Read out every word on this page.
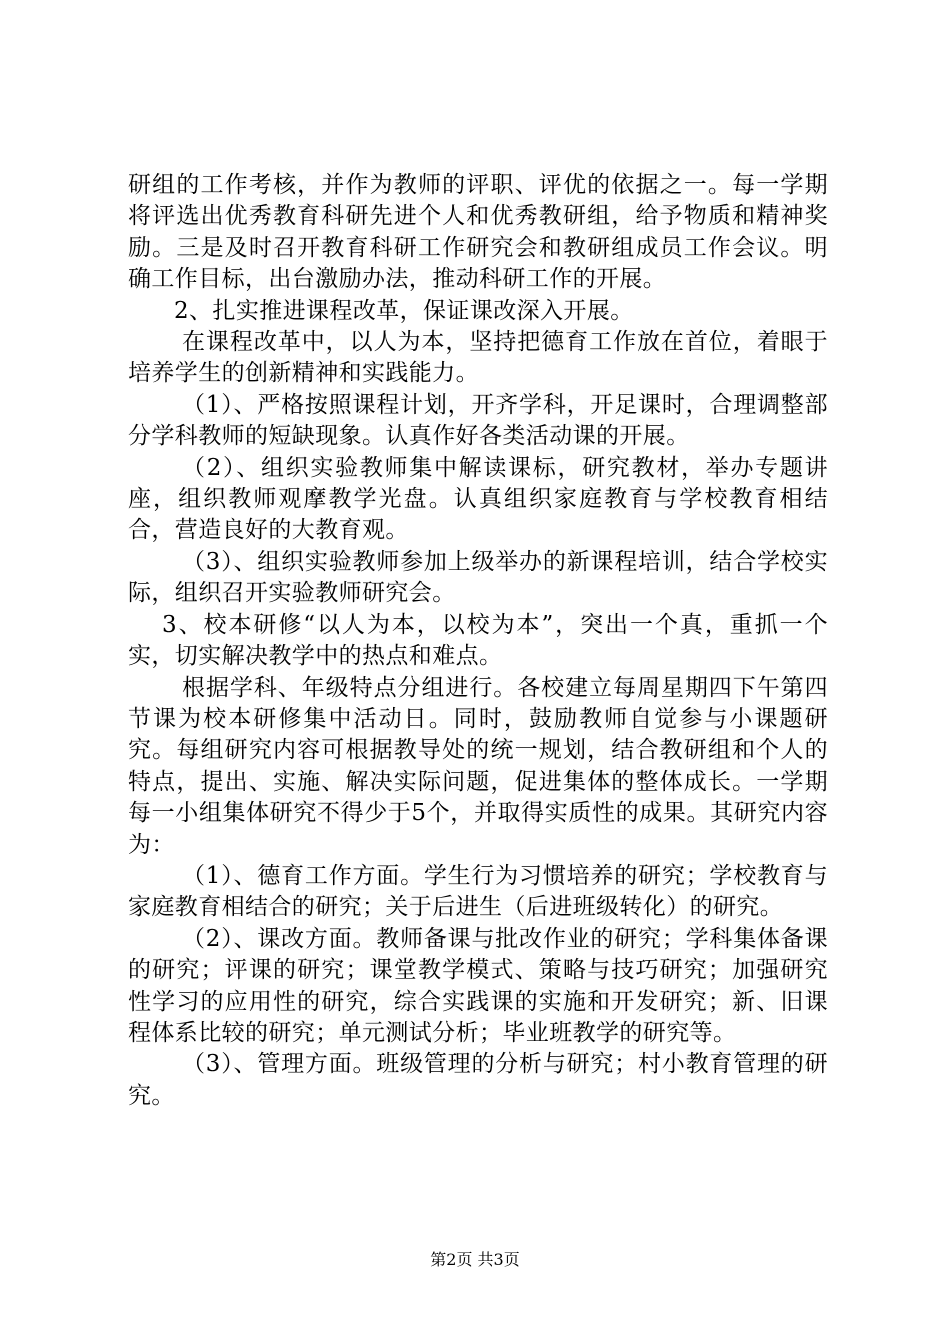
研组的工作考核，并作为教师的评职、评优的依据之一。每一学期将评选出优秀教育科研先进个人和优秀教研组，给予物质和精神奖励。三是及时召开教育科研工作研究会和教研组成员工作会议。明确工作目标，出台激励办法，推动科研工作的开展。

2、扎实推进课程改革，保证课改深入开展。

在课程改革中，以人为本，坚持把德育工作放在首位，着眼于培养学生的创新精神和实践能力。

（1）、严格按照课程计划，开齐学科，开足课时，合理调整部分学科教师的短缺现象。认真作好各类活动课的开展。

（2）、组织实验教师集中解读课标，研究教材，举办专题讲座，组织教师观摩教学光盘。认真组织家庭教育与学校教育相结合，营造良好的大教育观。

（3）、组织实验教师参加上级举办的新课程培训，结合学校实际，组织召开实验教师研究会。

3、校本研修“以人为本，以校为本”，突出一个真，重抓一个实，切实解决教学中的热点和难点。

根据学科、年级特点分组进行。各校建立每周星期四下午第四节课为校本研修集中活动日。同时，鼓励教师自觉参与小课题研究。每组研究内容可根据教导处的统一规划，结合教研组和个人的特点，提出、实施、解决实际问题，促进集体的整体成长。一学期每一小组集体研究不得少于5个，并取得实质性的成果。其研究内容为：

（1）、德育工作方面。学生行为习惯培养的研究；学校教育与家庭教育相结合的研究；关于后进生（后进班级转化）的研究。

（2）、课改方面。教师备课与批改作业的研究；学科集体备课的研究；评课的研究；课堂教学模式、策略与技巧研究；加强研究性学习的应用性的研究，综合实践课的实施和开发研究；新、旧课程体系比较的研究；单元测试分析；毕业班教学的研究等。

（3）、管理方面。班级管理的分析与研究；村小教育管理的研究。

第2页 共3页
